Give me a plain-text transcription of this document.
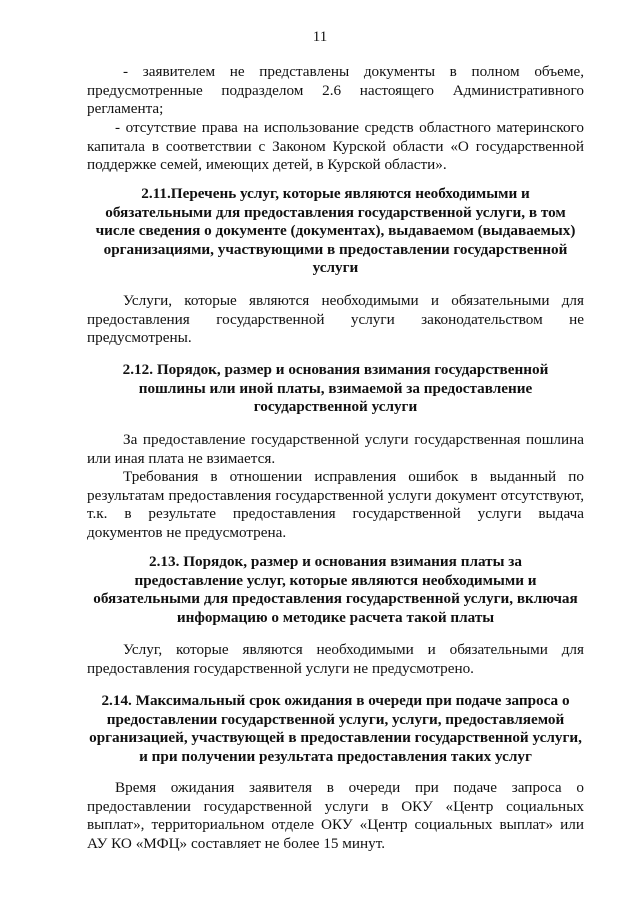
11
- заявителем не представлены документы в полном объеме,
предусмотренные подразделом 2.6 настоящего Административного
регламента;
- отсутствие права на использование средств областного материнского
капитала в соответствии с Законом Курской области «О государственной
поддержке семей, имеющих детей, в Курской области».
2.11.Перечень услуг, которые являются необходимыми и
обязательными для предоставления государственной услуги, в том
числе сведения о документе (документах), выдаваемом (выдаваемых)
организациями, участвующими в предоставлении государственной
услуги
Услуги, которые являются необходимыми и обязательными для
предоставления государственной услуги законодательством не
предусмотрены.
2.12. Порядок, размер и основания взимания государственной
пошлины или иной платы, взимаемой за предоставление
государственной услуги
За предоставление государственной услуги государственная пошлина
или иная плата не взимается.
Требования в отношении исправления ошибок в выданный по
результатам предоставления государственной услуги документ отсутствуют,
т.к. в результате предоставления государственной услуги выдача
документов не предусмотрена.
2.13. Порядок, размер и основания взимания платы за
предоставление услуг, которые являются необходимыми и
обязательными для предоставления государственной услуги, включая
информацию о методике расчета такой платы
Услуг, которые являются необходимыми и обязательными для
предоставления государственной услуги не предусмотрено.
2.14. Максимальный срок ожидания в очереди при подаче запроса о
предоставлении государственной услуги, услуги, предоставляемой
организацией, участвующей в предоставлении государственной услуги,
и при получении результата предоставления таких услуг
Время ожидания заявителя в очереди при подаче запроса о
предоставлении государственной услуги в ОКУ «Центр социальных
выплат», территориальном отделе ОКУ «Центр социальных выплат» или
АУ КО «МФЦ» составляет не более 15 минут.
